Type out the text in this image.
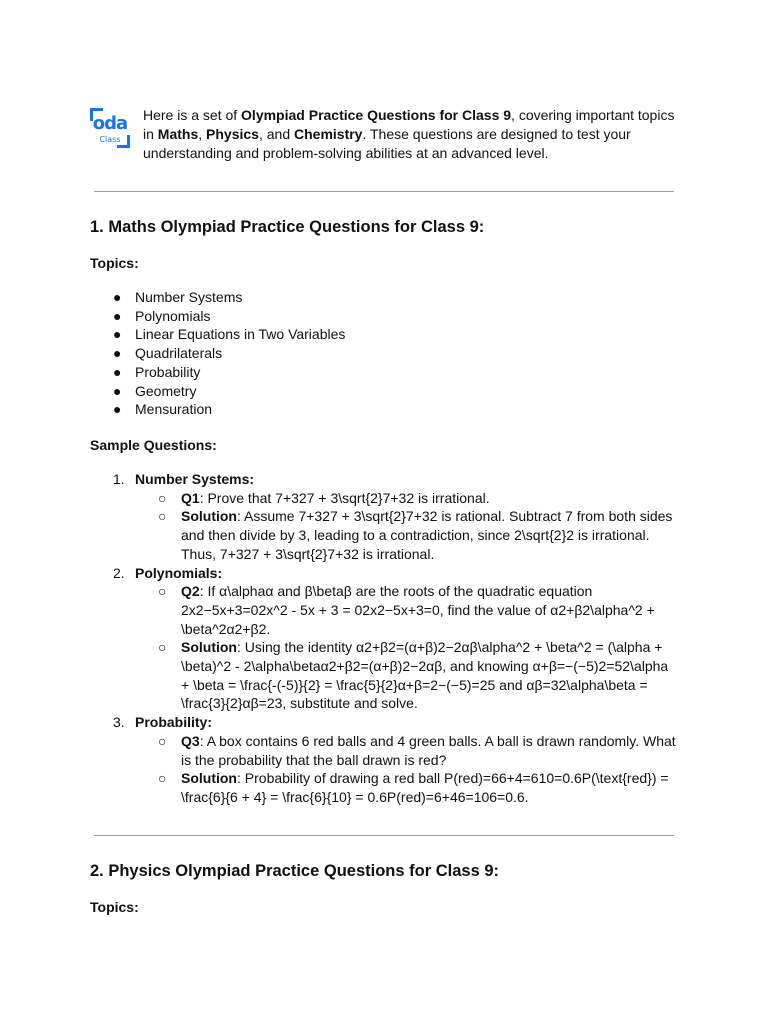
oda
Class
Here is a set of Olympiad Practice Questions for Class 9, covering important topics in Maths, Physics, and Chemistry. These questions are designed to test your understanding and problem-solving abilities at an advanced level.
1. Maths Olympiad Practice Questions for Class 9:
Topics:
● Number Systems
● Polynomials
● Linear Equations in Two Variables
● Quadrilaterals
● Probability
● Geometry
● Mensuration
Sample Questions:
1. Number Systems:
○ Q1: Prove that 7+327 + 3\sqrt{2}7+32 is irrational.
○ Solution: Assume 7+327 + 3\sqrt{2}7+32 is rational. Subtract 7 from both sides and then divide by 3, leading to a contradiction, since 2\sqrt{2}2 is irrational. Thus, 7+327 + 3\sqrt{2}7+32 is irrational.
2. Polynomials:
○ Q2: If α\alphaα and β\betaβ are the roots of the quadratic equation 2x2−5x+3=02x^2 - 5x + 3 = 02x2−5x+3=0, find the value of α2+β2\alpha^2 + \beta^2α2+β2.
○ Solution: Using the identity α2+β2=(α+β)2−2αβ\alpha^2 + \beta^2 = (\alpha + \beta)^2 - 2\alpha\betaα2+β2=(α+β)2−2αβ, and knowing α+β=−(−5)2=52\alpha + \beta = \frac{-(-5)}{2} = \frac{5}{2}α+β=2−(−5)=25 and αβ=32\alpha\beta = \frac{3}{2}αβ=23, substitute and solve.
3. Probability:
○ Q3: A box contains 6 red balls and 4 green balls. A ball is drawn randomly. What is the probability that the ball drawn is red?
○ Solution: Probability of drawing a red ball P(red)=66+4=610=0.6P(\text{red}) = \frac{6}{6 + 4} = \frac{6}{10} = 0.6P(red)=6+46=106=0.6.
2. Physics Olympiad Practice Questions for Class 9:
Topics:
